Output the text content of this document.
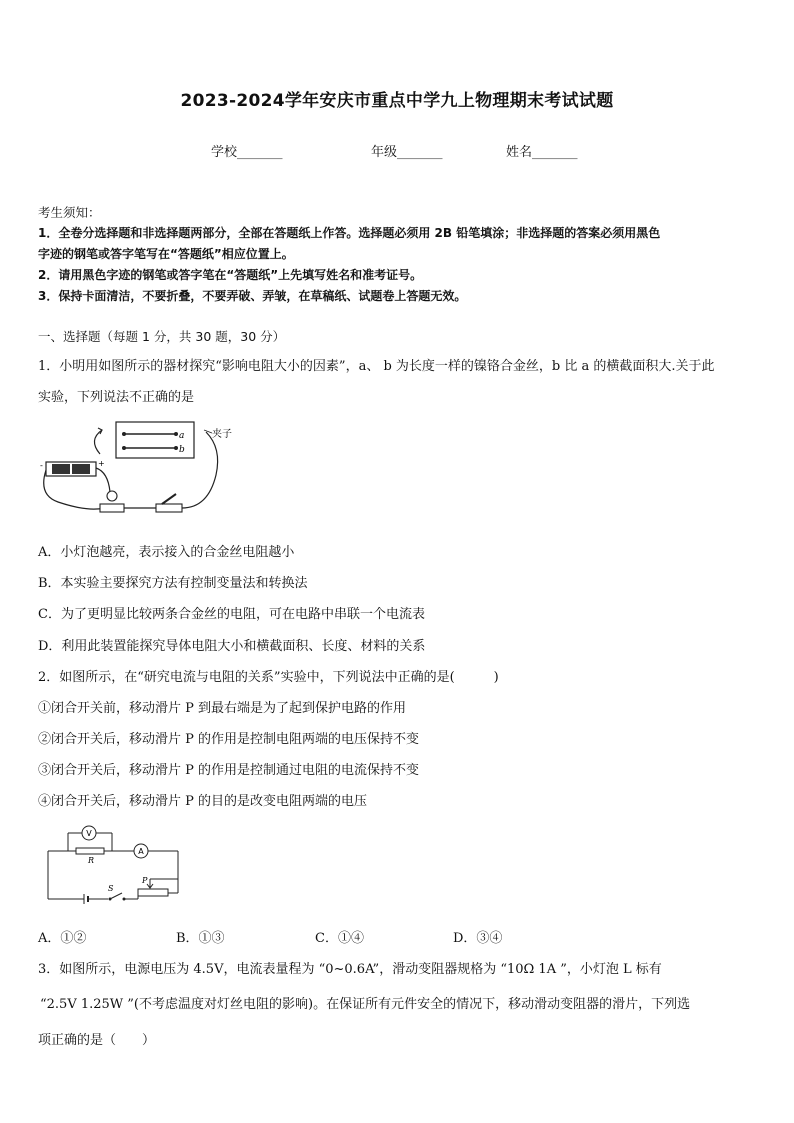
2023-2024学年安庆市重点中学九上物理期末考试试题
学校_______	年级_______	姓名_______
考生须知：
1．全卷分选择题和非选择题两部分，全部在答题纸上作答。选择题必须用 2B 铅笔填涂；非选择题的答案必须用黑色
字迹的钢笔或答字笔写在“答题纸”相应位置上。
2．请用黑色字迹的钢笔或答字笔在“答题纸”上先填写姓名和准考证号。
3．保持卡面清洁，不要折叠，不要弄破、弄皱，在草稿纸、试题卷上答题无效。
一、选择题（每题 1 分，共 30 题，30 分）
1．小明用如图所示的器材探究“影响电阻大小的因素”，a、 b 为长度一样的镍铬合金丝，b 比 a 的横截面积大.关于此
实验，下列说法不正确的是
a
b
夹子
+
-
A．小灯泡越亮，表示接入的合金丝电阻越小
B．本实验主要探究方法有控制变量法和转换法
C．为了更明显比较两条合金丝的电阻，可在电路中串联一个电流表
D．利用此装置能探究导体电阻大小和横截面积、长度、材料的关系
2．如图所示，在“研究电流与电阻的关系”实验中，下列说法中正确的是(　　　)
①闭合开关前，移动滑片 P 到最右端是为了起到保护电路的作用
②闭合开关后，移动滑片 P 的作用是控制电阻两端的电压保持不变
③闭合开关后，移动滑片 P 的作用是控制通过电阻的电流保持不变
④闭合开关后，移动滑片 P 的目的是改变电阻两端的电压
V
R
A
P
S
A．①②	B．①③	C．①④	D．③④
3．如图所示，电源电压为 4.5V，电流表量程为 “0~0.6A”，滑动变阻器规格为 “10Ω 1A ”，小灯泡 L 标有
“2.5V 1.25W ”(不考虑温度对灯丝电阻的影响)。在保证所有元件安全的情况下，移动滑动变阻器的滑片，下列选
项正确的是（　　）
